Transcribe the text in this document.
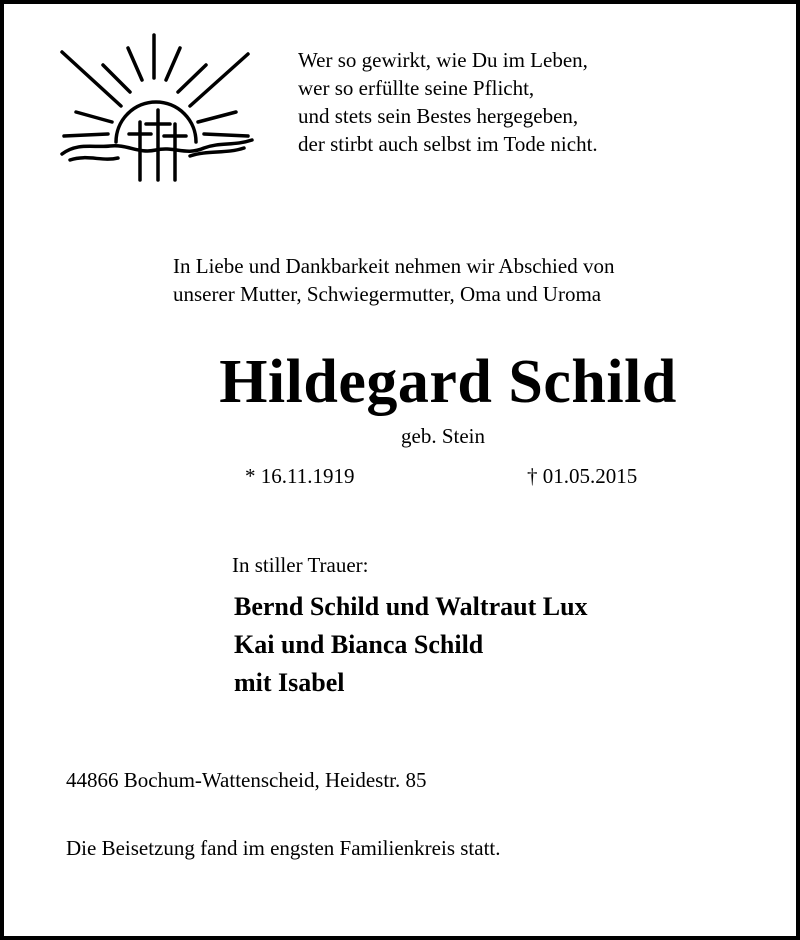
Wer so gewirkt, wie Du im Leben,
wer so erfüllte seine Pflicht,
und stets sein Bestes hergegeben,
der stirbt auch selbst im Tode nicht.
In Liebe und Dankbarkeit nehmen wir Abschied von
unserer Mutter, Schwiegermutter, Oma und Uroma
Hildegard Schild
geb. Stein
* 16.11.1919	† 01.05.2015
In stiller Trauer:
Bernd Schild und Waltraut Lux
Kai und Bianca Schild
mit Isabel
44866 Bochum-Wattenscheid, Heidestr. 85
Die Beisetzung fand im engsten Familienkreis statt.
